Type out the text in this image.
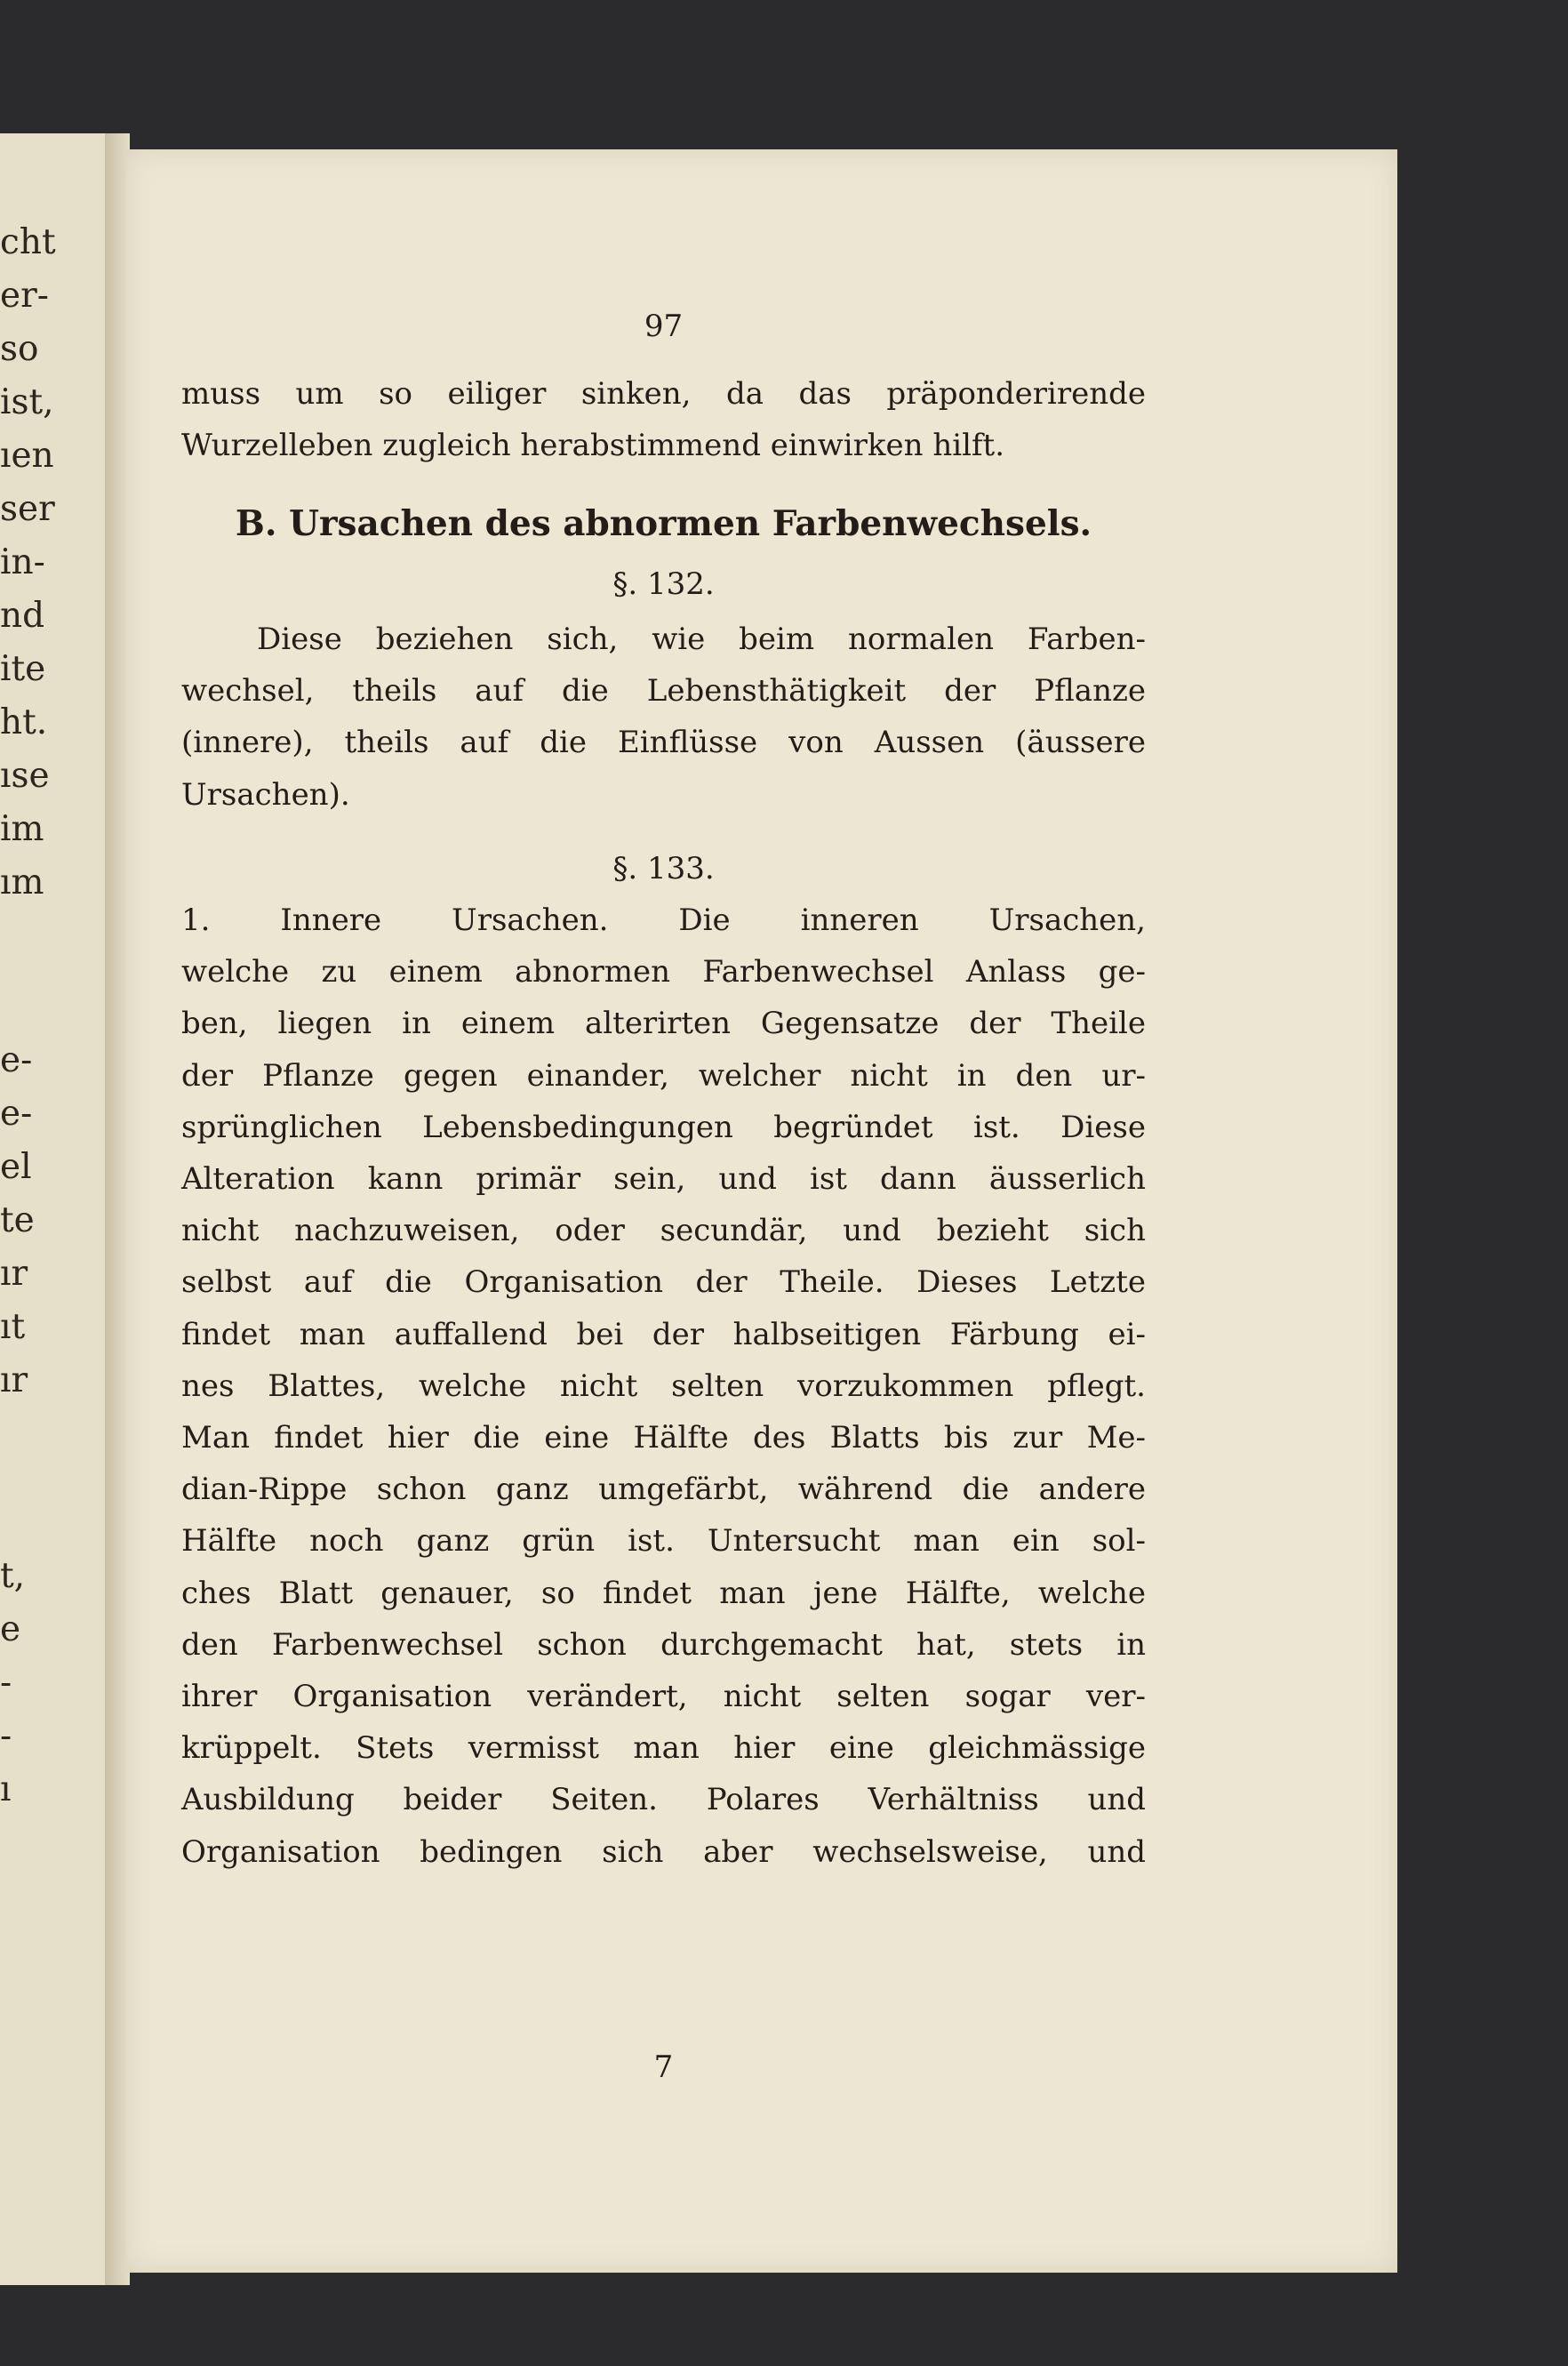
cht
er-
so
ist,
ıen
ser
in-
nd
ite
ht.
ıse
im
ım
e-
e-
el
te
ır
ıt
ır
t,
e
-
-
ı
97
muss um so eiliger sinken, da das präponderirende
Wurzelleben zugleich herabstimmend einwirken hilft.
B. Ursachen des abnormen Farbenwechsels.
§. 132.
Diese beziehen sich, wie beim normalen Farben-
wechsel, theils auf die Lebensthätigkeit der Pflanze
(innere), theils auf die Einflüsse von Aussen (äussere
Ursachen).
§. 133.
1. Innere Ursachen. Die inneren Ursachen,
welche zu einem abnormen Farbenwechsel Anlass ge-
ben, liegen in einem alterirten Gegensatze der Theile
der Pflanze gegen einander, welcher nicht in den ur-
sprünglichen Lebensbedingungen begründet ist. Diese
Alteration kann primär sein, und ist dann äusserlich
nicht nachzuweisen, oder secundär, und bezieht sich
selbst auf die Organisation der Theile. Dieses Letzte
findet man auffallend bei der halbseitigen Färbung ei-
nes Blattes, welche nicht selten vorzukommen pflegt.
Man findet hier die eine Hälfte des Blatts bis zur Me-
dian-Rippe schon ganz umgefärbt, während die andere
Hälfte noch ganz grün ist. Untersucht man ein sol-
ches Blatt genauer, so findet man jene Hälfte, welche
den Farbenwechsel schon durchgemacht hat, stets in
ihrer Organisation verändert, nicht selten sogar ver-
krüppelt. Stets vermisst man hier eine gleichmässige
Ausbildung beider Seiten. Polares Verhältniss und
Organisation bedingen sich aber wechselsweise, und
7
